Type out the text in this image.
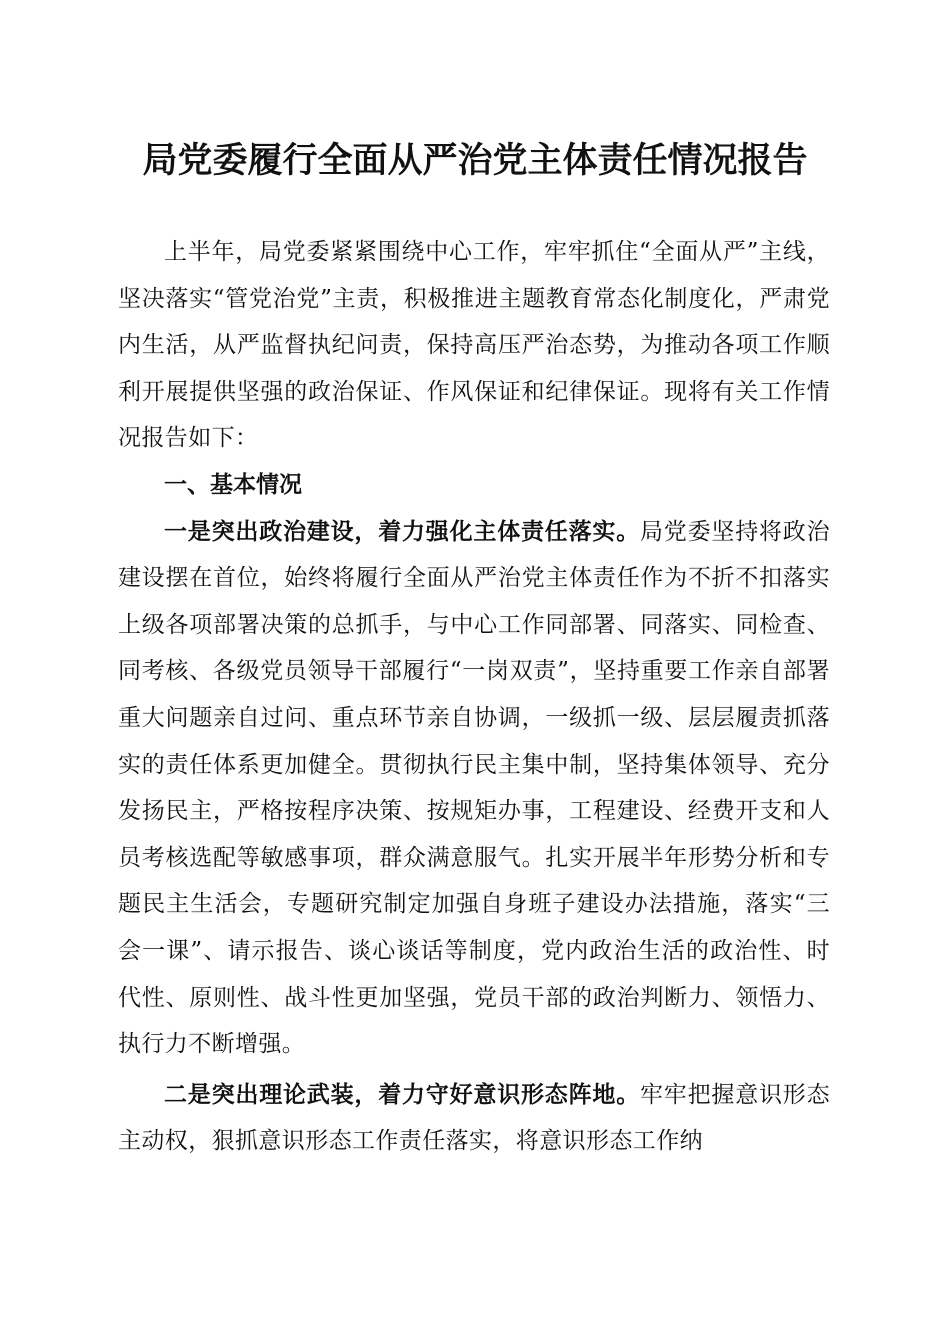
局党委履行全面从严治党主体责任情况报告

上半年，局党委紧紧围绕中心工作，牢牢抓住“全面从严”主线，坚决落实“管党治党”主责，积极推进主题教育常态化制度化，严肃党内生活，从严监督执纪问责，保持高压严治态势，为推动各项工作顺利开展提供坚强的政治保证、作风保证和纪律保证。现将有关工作情况报告如下：

一、基本情况

一是突出政治建设，着力强化主体责任落实。局党委坚持将政治建设摆在首位，始终将履行全面从严治党主体责任作为不折不扣落实上级各项部署决策的总抓手，与中心工作同部署、同落实、同检查、同考核、各级党员领导干部履行“一岗双责”，坚持重要工作亲自部署重大问题亲自过问、重点环节亲自协调，一级抓一级、层层履责抓落实的责任体系更加健全。贯彻执行民主集中制，坚持集体领导、充分发扬民主，严格按程序决策、按规矩办事，工程建设、经费开支和人员考核选配等敏感事项，群众满意服气。扎实开展半年形势分析和专题民主生活会，专题研究制定加强自身班子建设办法措施，落实“三会一课”、请示报告、谈心谈话等制度，党内政治生活的政治性、时代性、原则性、战斗性更加坚强，党员干部的政治判断力、领悟力、执行力不断增强。

二是突出理论武装，着力守好意识形态阵地。牢牢把握意识形态主动权，狠抓意识形态工作责任落实，将意识形态工作纳
